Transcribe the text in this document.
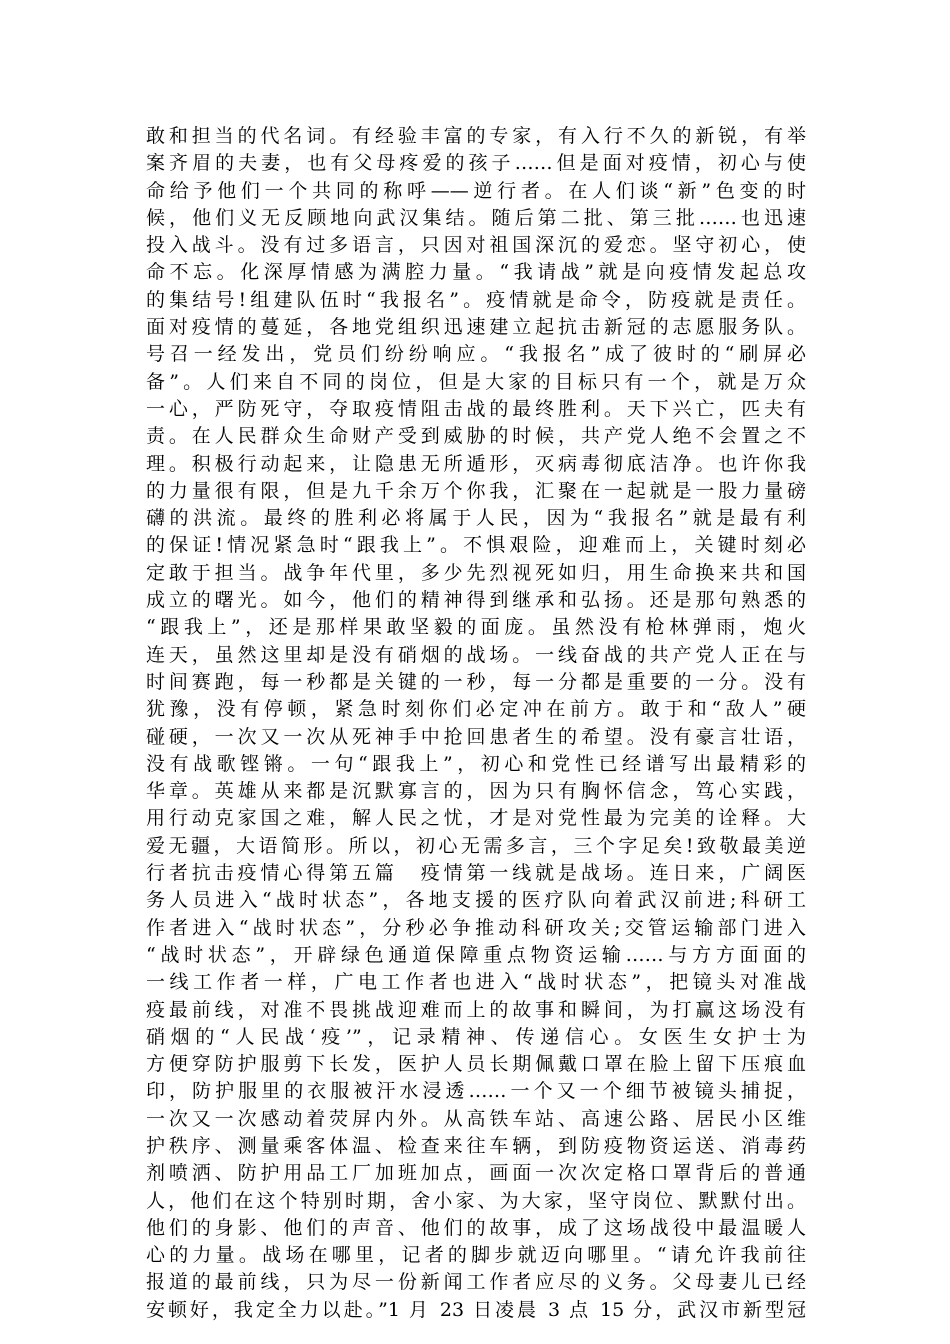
敢和担当的代名词。有经验丰富的专家，有入行不久的新锐，有举
案齐眉的夫妻，也有父母疼爱的孩子……但是面对疫情，初心与使
命给予他们一个共同的称呼——逆行者。在人们谈“新”色变的时
候，他们义无反顾地向武汉集结。随后第二批、第三批……也迅速
投入战斗。没有过多语言，只因对祖国深沉的爱恋。坚守初心，使
命不忘。化深厚情感为满腔力量。“我请战”就是向疫情发起总攻
的集结号!组建队伍时“我报名”。疫情就是命令，防疫就是责任。
面对疫情的蔓延，各地党组织迅速建立起抗击新冠的志愿服务队。
号召一经发出，党员们纷纷响应。“我报名”成了彼时的“刷屏必
备”。人们来自不同的岗位，但是大家的目标只有一个，就是万众
一心，严防死守，夺取疫情阻击战的最终胜利。天下兴亡，匹夫有
责。在人民群众生命财产受到威胁的时候，共产党人绝不会置之不
理。积极行动起来，让隐患无所遁形，灭病毒彻底洁净。也许你我
的力量很有限，但是九千余万个你我，汇聚在一起就是一股力量磅
礴的洪流。最终的胜利必将属于人民，因为“我报名”就是最有利
的保证!情况紧急时“跟我上”。不惧艰险，迎难而上，关键时刻必
定敢于担当。战争年代里，多少先烈视死如归，用生命换来共和国
成立的曙光。如今，他们的精神得到继承和弘扬。还是那句熟悉的
“跟我上”，还是那样果敢坚毅的面庞。虽然没有枪林弹雨，炮火
连天，虽然这里却是没有硝烟的战场。一线奋战的共产党人正在与
时间赛跑，每一秒都是关键的一秒，每一分都是重要的一分。没有
犹豫，没有停顿，紧急时刻你们必定冲在前方。敢于和“敌人”硬
碰硬，一次又一次从死神手中抢回患者生的希望。没有豪言壮语，
没有战歌铿锵。一句“跟我上”，初心和党性已经谱写出最精彩的
华章。英雄从来都是沉默寡言的，因为只有胸怀信念，笃心实践，
用行动克家国之难，解人民之忧，才是对党性最为完美的诠释。大
爱无疆，大语简形。所以，初心无需多言，三个字足矣!致敬最美逆
行者抗击疫情心得第五篇　疫情第一线就是战场。连日来，广阔医
务人员进入“战时状态”，各地支援的医疗队向着武汉前进;科研工
作者进入“战时状态”，分秒必争推动科研攻关;交管运输部门进入
“战时状态”，开辟绿色通道保障重点物资运输……与方方面面的
一线工作者一样，广电工作者也进入“战时状态”，把镜头对准战
疫最前线，对准不畏挑战迎难而上的故事和瞬间，为打赢这场没有
硝烟的“人民战‘疫’”，记录精神、传递信心。女医生女护士为
方便穿防护服剪下长发，医护人员长期佩戴口罩在脸上留下压痕血
印，防护服里的衣服被汗水浸透……一个又一个细节被镜头捕捉，
一次又一次感动着荧屏内外。从高铁车站、高速公路、居民小区维
护秩序、测量乘客体温、检查来往车辆，到防疫物资运送、消毒药
剂喷洒、防护用品工厂加班加点，画面一次次定格口罩背后的普通
人，他们在这个特别时期，舍小家、为大家，坚守岗位、默默付出。
他们的身影、他们的声音、他们的故事，成了这场战役中最温暖人
心的力量。战场在哪里，记者的脚步就迈向哪里。“请允许我前往
报道的最前线，只为尽一份新闻工作者应尽的义务。父母妻儿已经
安顿好，我定全力以赴。”1 月 23 日凌晨 3 点 15 分，武汉市新型冠
